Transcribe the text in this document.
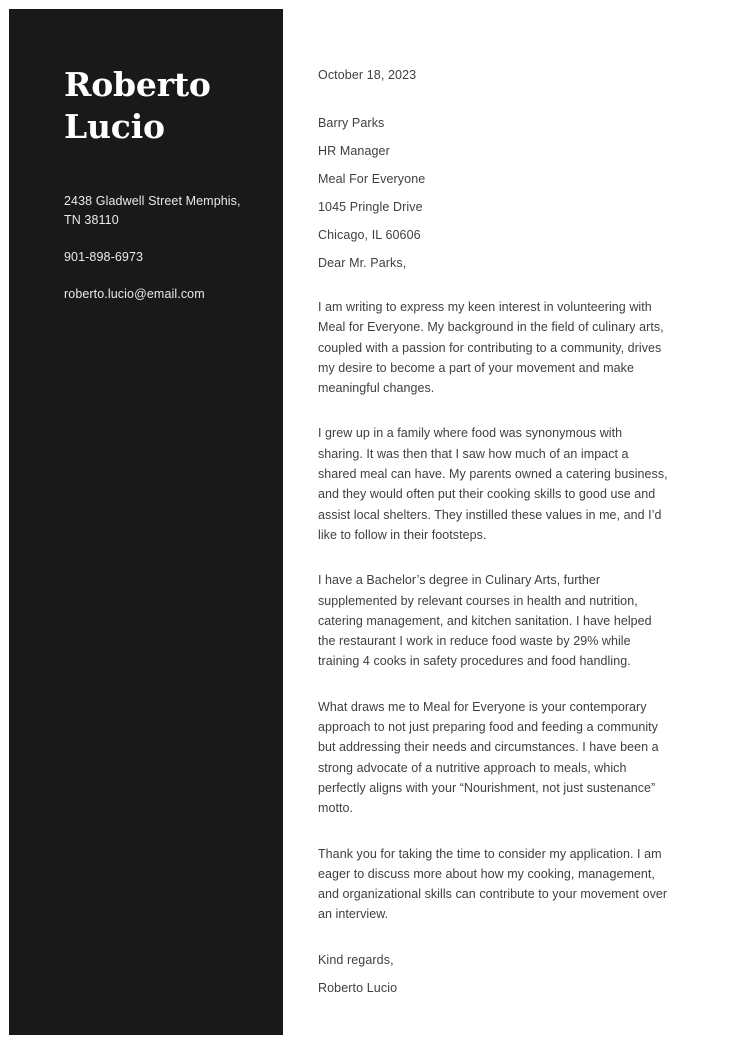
Roberto
Lucio
2438 Gladwell Street Memphis,
TN 38110
901-898-6973
roberto.lucio@email.com
October 18, 2023
Barry Parks
HR Manager
Meal For Everyone
1045 Pringle Drive
Chicago, IL 60606
Dear Mr. Parks,

I am writing to express my keen interest in volunteering with Meal for Everyone. My background in the field of culinary arts, coupled with a passion for contributing to a community, drives my desire to become a part of your movement and make meaningful changes.

I grew up in a family where food was synonymous with sharing. It was then that I saw how much of an impact a shared meal can have. My parents owned a catering business, and they would often put their cooking skills to good use and assist local shelters. They instilled these values in me, and I’d like to follow in their footsteps.

I have a Bachelor’s degree in Culinary Arts, further supplemented by relevant courses in health and nutrition, catering management, and kitchen sanitation. I have helped the restaurant I work in reduce food waste by 29% while training 4 cooks in safety procedures and food handling.

What draws me to Meal for Everyone is your contemporary approach to not just preparing food and feeding a community but addressing their needs and circumstances. I have been a strong advocate of a nutritive approach to meals, which perfectly aligns with your “Nourishment, not just sustenance” motto.

Thank you for taking the time to consider my application. I am eager to discuss more about how my cooking, management, and organizational skills can contribute to your movement over an interview.

Kind regards,
Roberto Lucio
